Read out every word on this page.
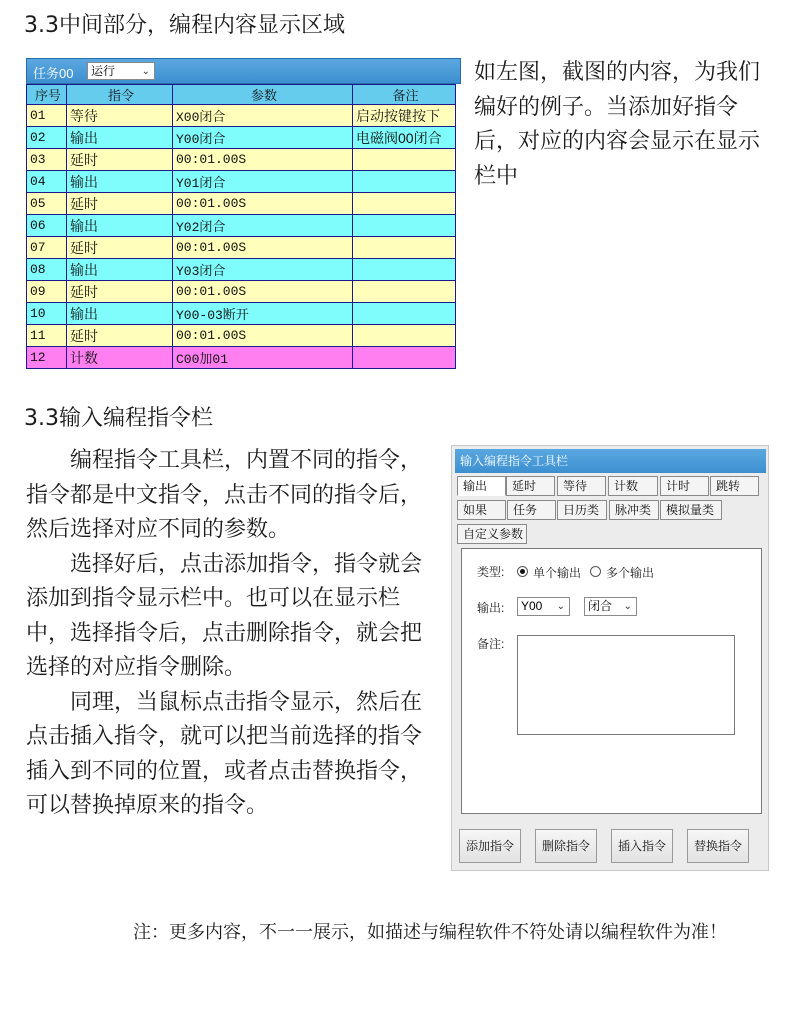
3.3中间部分，编程内容显示区域
任务00	运行	⌄
序号	指令	参数	备注
01	等待	X00闭合	启动按键按下
02	输出	Y00闭合	电磁阀00闭合
03	延时	00:01.00S	
04	输出	Y01闭合	
05	延时	00:01.00S	
06	输出	Y02闭合	
07	延时	00:01.00S	
08	输出	Y03闭合	
09	延时	00:01.00S	
10	输出	Y00-03断开	
11	延时	00:01.00S	
12	计数	C00加01	
如左图，截图的内容，为我们编好的例子。当添加好指令后，对应的内容会显示在显示栏中
3.3输入编程指令栏

编程指令工具栏，内置不同的指令，指令都是中文指令，点击不同的指令后，然后选择对应不同的参数。

选择好后，点击添加指令，指令就会添加到指令显示栏中。也可以在显示栏中，选择指令后，点击删除指令，就会把选择的对应指令删除。

同理，当鼠标点击指令显示，然后在点击插入指令，就可以把当前选择的指令插入到不同的位置，或者点击替换指令，可以替换掉原来的指令。

输入编程指令工具栏
输出	延时	等待	计数	计时	跳转
如果	任务	日历类	脉冲类	模拟量类
自定义参数
类型: 单个输出 多个输出
输出:	Y00 ⌄	闭合 ⌄
备注:
添加指令	删除指令	插入指令	替换指令
注：更多内容，不一一展示，如描述与编程软件不符处请以编程软件为准！
